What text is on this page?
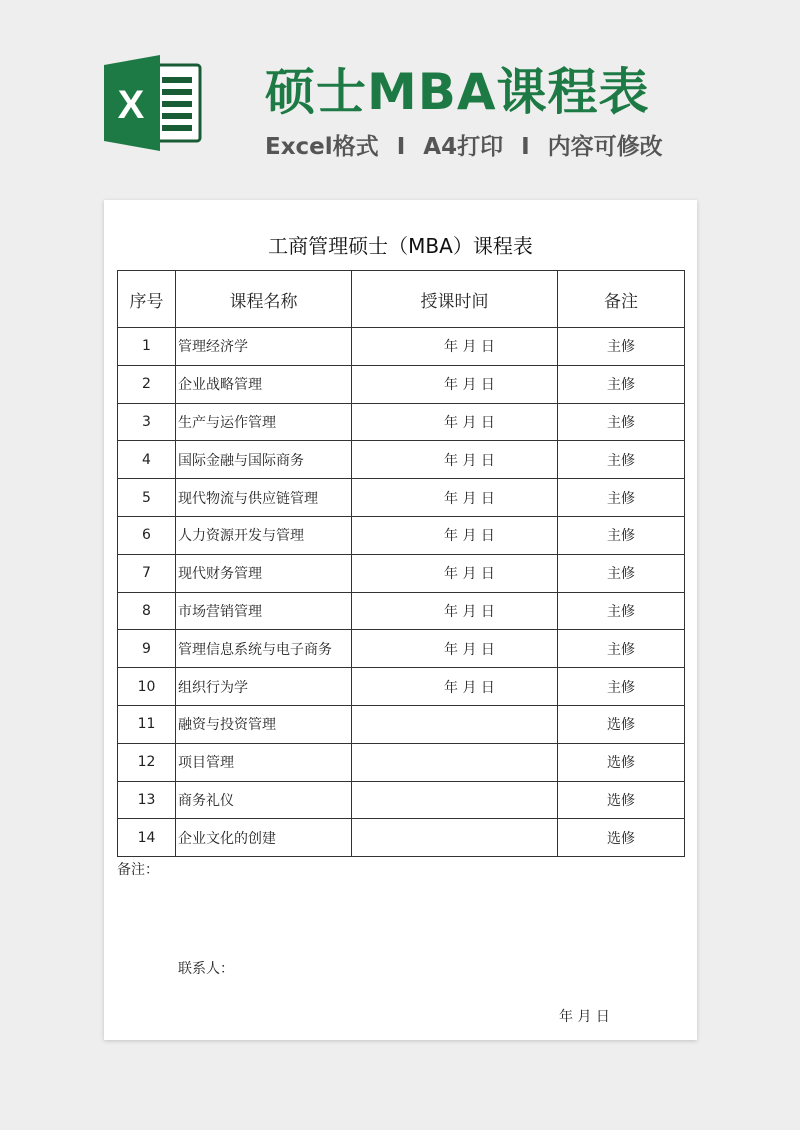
X 硕士MBA课程表
Excel格式 I A4打印 I 内容可修改
工商管理硕士（MBA）课程表
序号	课程名称	授课时间	备注
1	管理经济学	年 月 日	主修
2	企业战略管理	年 月 日	主修
3	生产与运作管理	年 月 日	主修
4	国际金融与国际商务	年 月 日	主修
5	现代物流与供应链管理	年 月 日	主修
6	人力资源开发与管理	年 月 日	主修
7	现代财务管理	年 月 日	主修
8	市场营销管理	年 月 日	主修
9	管理信息系统与电子商务	年 月 日	主修
10	组织行为学	年 月 日	主修
11	融资与投资管理		选修
12	项目管理		选修
13	商务礼仪		选修
14	企业文化的创建		选修
备注：
联系人：
年 月 日
